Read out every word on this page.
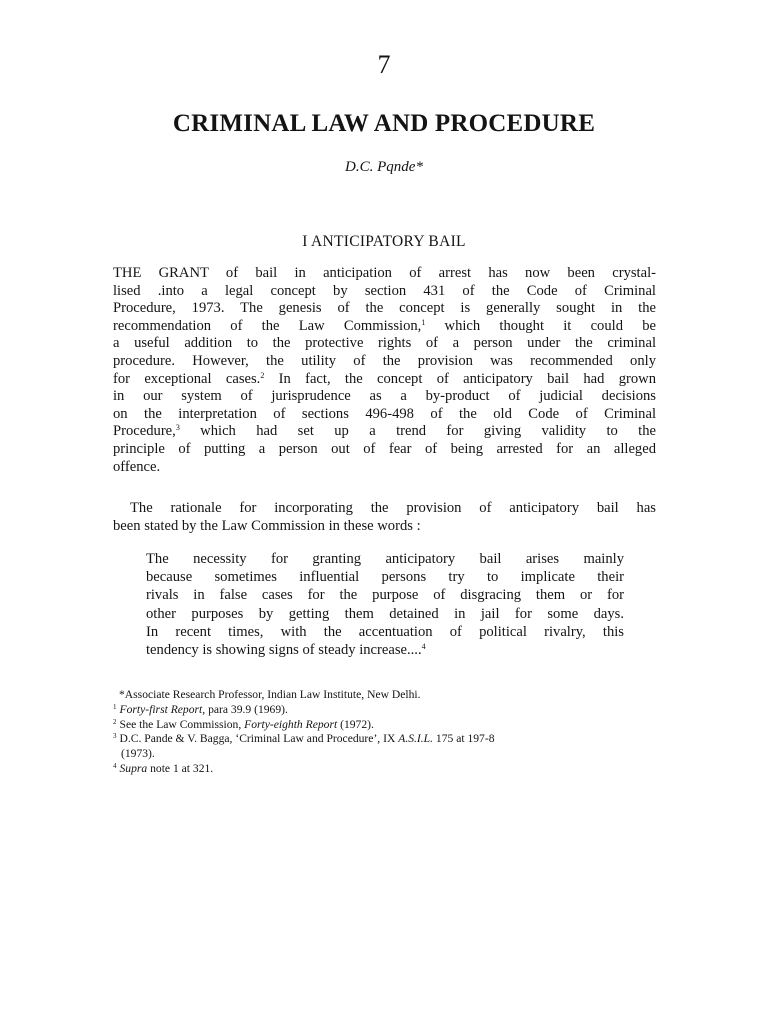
7
CRIMINAL LAW AND PROCEDURE
D.C. Pqnde*
I ANTICIPATORY BAIL
THE GRANT of bail in anticipation of arrest has now been crystal-
lised .into a legal concept by section 431 of the Code of Criminal
Procedure, 1973. The genesis of the concept is generally sought in the
recommendation of the Law Commission,$^1$ which thought it could be
a useful addition to the protective rights of a person under the criminal
procedure. However, the utility of the provision was recommended only
for exceptional cases.$^2$ In fact, the concept of anticipatory bail had grown
in our system of jurisprudence as a by-product of judicial decisions
on the interpretation of sections 496-498 of the old Code of Criminal
Procedure,$^3$ which had set up a trend for giving validity to the
principle of putting a person out of fear of being arrested for an alleged
offence.
The rationale for incorporating the provision of anticipatory bail has
been stated by the Law Commission in these words :
The necessity for granting anticipatory bail arises mainly
because sometimes influential persons try to implicate their
rivals in false cases for the purpose of disgracing them or for
other purposes by getting them detained in jail for some days.
In recent times, with the accentuation of political rivalry, this
tendency is showing signs of steady increase....$^4$
*Associate Research Professor, Indian Law Institute, New Delhi.
$^1$ Forty-first Report, para 39.9 (1969).
$^2$ See the Law Commission, Forty-eighth Report (1972).
$^3$ D.C. Pande & V. Bagga, ‘Criminal Law and Procedure’, IX A.S.I.L. 175 at 197-8
(1973).
$^4$ Supra note 1 at 321.
